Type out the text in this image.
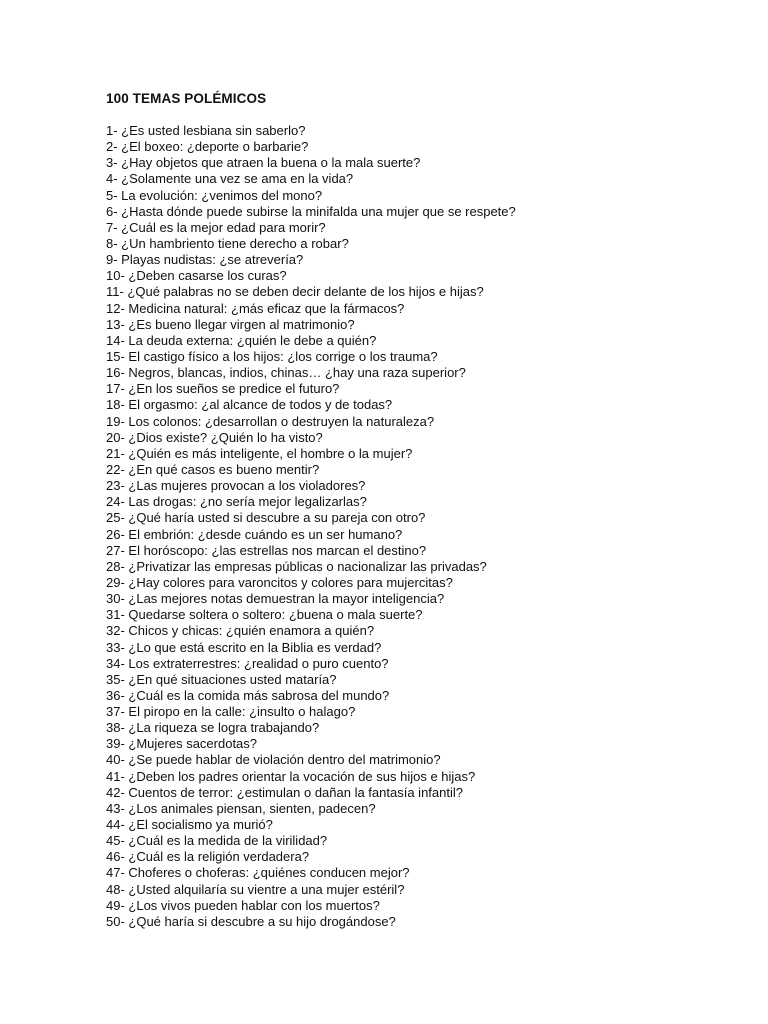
100 TEMAS POLÉMICOS
1- ¿Es usted lesbiana sin saberlo?
2- ¿El boxeo: ¿deporte o barbarie?
3- ¿Hay objetos que atraen la buena o la mala suerte?
4- ¿Solamente una vez se ama en la vida?
5- La evolución: ¿venimos del mono?
6- ¿Hasta dónde puede subirse la minifalda una mujer que se respete?
7- ¿Cuál es la mejor edad para morir?
8- ¿Un hambriento tiene derecho a robar?
9- Playas nudistas: ¿se atrevería?
10- ¿Deben casarse los curas?
11- ¿Qué palabras no se deben decir delante de los hijos e hijas?
12- Medicina natural: ¿más eficaz que la fármacos?
13- ¿Es bueno llegar virgen al matrimonio?
14- La deuda externa: ¿quién le debe a quién?
15- El castigo físico a los hijos: ¿los corrige o los trauma?
16- Negros, blancas, indios, chinas… ¿hay una raza superior?
17- ¿En los sueños se predice el futuro?
18- El orgasmo: ¿al alcance de todos y de todas?
19- Los colonos: ¿desarrollan o destruyen la naturaleza?
20- ¿Dios existe? ¿Quién lo ha visto?
21- ¿Quién es más inteligente, el hombre o la mujer?
22- ¿En qué casos es bueno mentir?
23- ¿Las mujeres provocan a los violadores?
24- Las drogas: ¿no sería mejor legalizarlas?
25- ¿Qué haría usted si descubre a su pareja con otro?
26- El embrión: ¿desde cuándo es un ser humano?
27- El horóscopo: ¿las estrellas nos marcan el destino?
28- ¿Privatizar las empresas públicas o nacionalizar las privadas?
29- ¿Hay colores para varoncitos y colores para mujercitas?
30- ¿Las mejores notas demuestran la mayor inteligencia?
31- Quedarse soltera o soltero: ¿buena o mala suerte?
32- Chicos y chicas: ¿quién enamora a quién?
33- ¿Lo que está escrito en la Biblia es verdad?
34- Los extraterrestres: ¿realidad o puro cuento?
35- ¿En qué situaciones usted mataría?
36- ¿Cuál es la comida más sabrosa del mundo?
37- El piropo en la calle: ¿insulto o halago?
38- ¿La riqueza se logra trabajando?
39- ¿Mujeres sacerdotas?
40- ¿Se puede hablar de violación dentro del matrimonio?
41- ¿Deben los padres orientar la vocación de sus hijos e hijas?
42- Cuentos de terror: ¿estimulan o dañan la fantasía infantil?
43- ¿Los animales piensan, sienten, padecen?
44- ¿El socialismo ya murió?
45- ¿Cuál es la medida de la virilidad?
46- ¿Cuál es la religión verdadera?
47- Choferes o choferas: ¿quiénes conducen mejor?
48- ¿Usted alquilaría su vientre a una mujer estéril?
49- ¿Los vivos pueden hablar con los muertos?
50- ¿Qué haría si descubre a su hijo drogándose?
